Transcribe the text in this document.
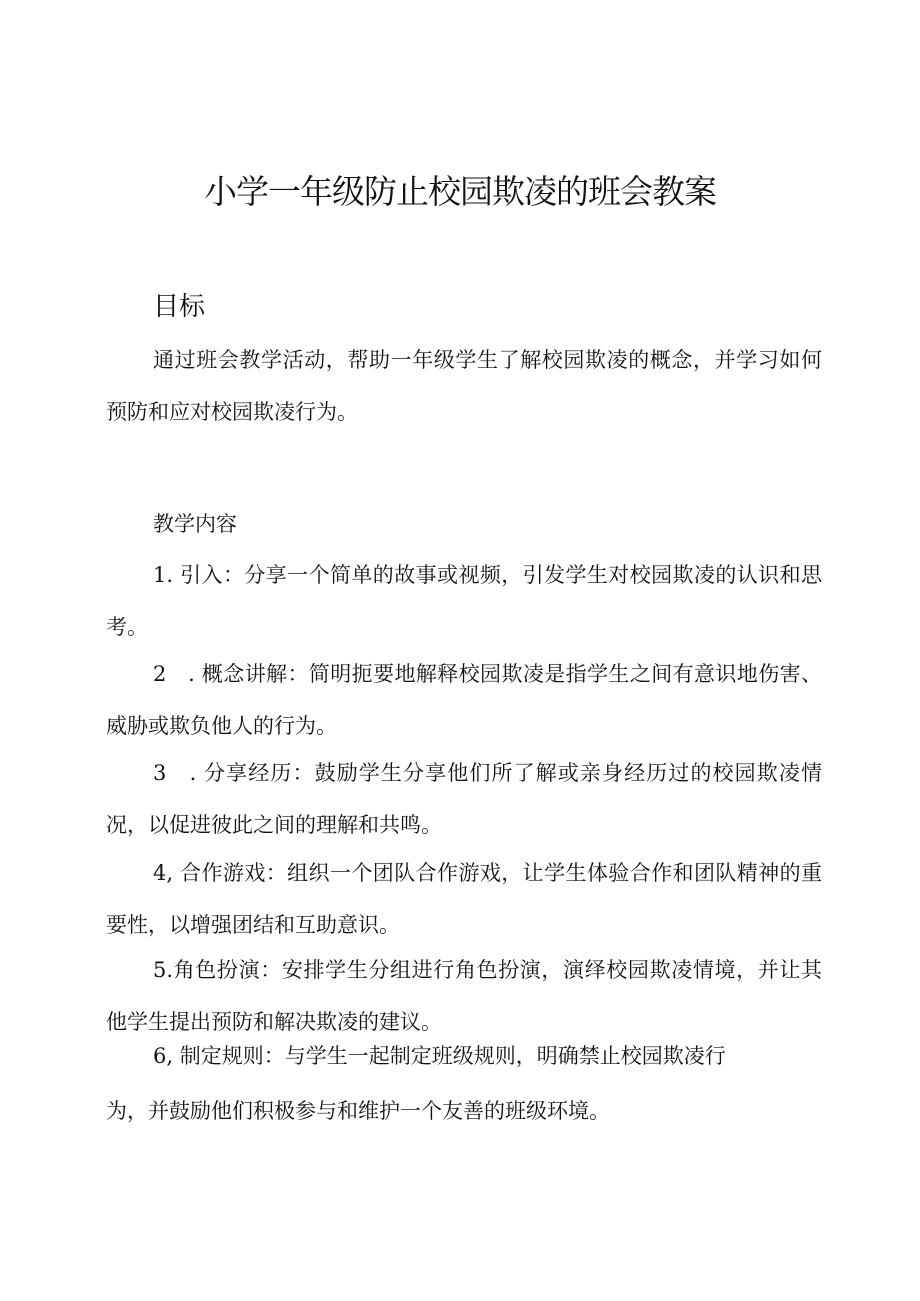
小学一年级防止校园欺凌的班会教案
目标
通过班会教学活动，帮助一年级学生了解校园欺凌的概念，并学习如何预防和应对校园欺凌行为。
教学内容
1. 引入：分享一个简单的故事或视频，引发学生对校园欺凌的认识和思考。
2　. 概念讲解：简明扼要地解释校园欺凌是指学生之间有意识地伤害、威胁或欺负他人的行为。
3　. 分享经历：鼓励学生分享他们所了解或亲身经历过的校园欺凌情况，以促进彼此之间的理解和共鸣。
4, 合作游戏：组织一个团队合作游戏，让学生体验合作和团队精神的重要性，以增强团结和互助意识。
5.角色扮演：安排学生分组进行角色扮演，演绎校园欺凌情境，并让其他学生提出预防和解决欺凌的建议。
6, 制定规则：与学生一起制定班级规则，明确禁止校园欺凌行
为，并鼓励他们积极参与和维护一个友善的班级环境。
